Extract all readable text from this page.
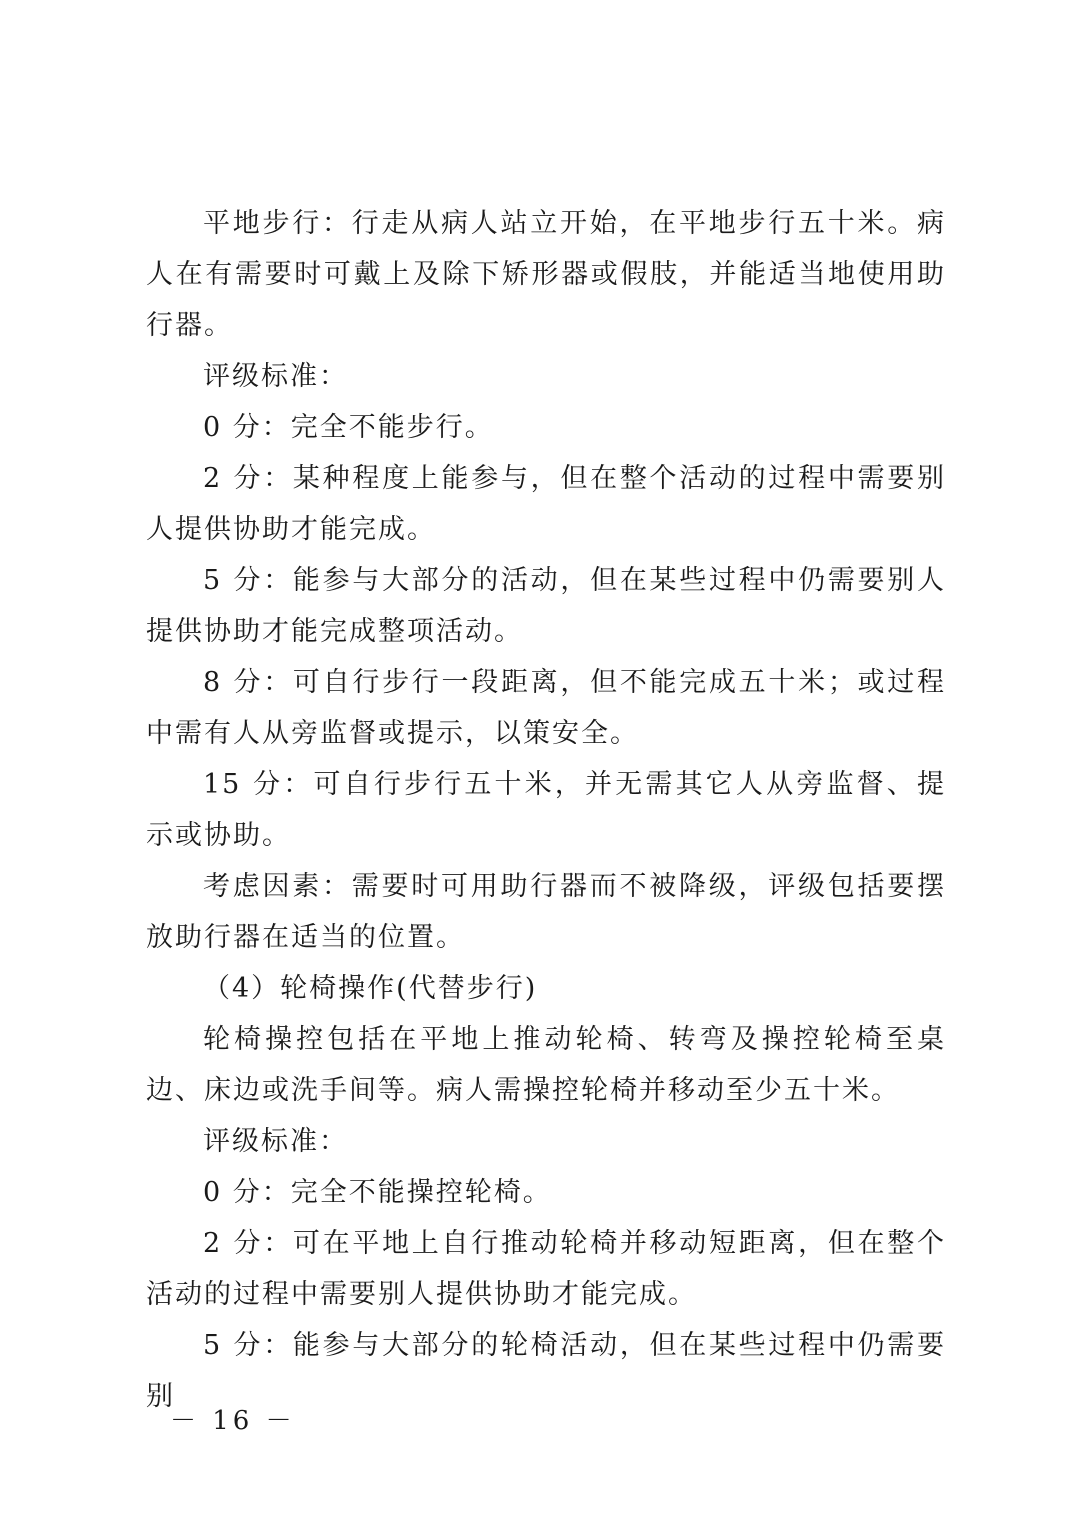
平地步行：行走从病人站立开始，在平地步行五十米。病人在有需要时可戴上及除下矫形器或假肢，并能适当地使用助行器。

评级标准：

0 分：完全不能步行。

2 分：某种程度上能参与，但在整个活动的过程中需要别人提供协助才能完成。

5 分：能参与大部分的活动，但在某些过程中仍需要别人提供协助才能完成整项活动。

8 分：可自行步行一段距离，但不能完成五十米；或过程中需有人从旁监督或提示，以策安全。

15 分：可自行步行五十米，并无需其它人从旁监督、提示或协助。

考虑因素：需要时可用助行器而不被降级，评级包括要摆放助行器在适当的位置。

（4）轮椅操作(代替步行)

轮椅操控包括在平地上推动轮椅、转弯及操控轮椅至桌边、床边或洗手间等。病人需操控轮椅并移动至少五十米。

评级标准：

0 分：完全不能操控轮椅。

2 分：可在平地上自行推动轮椅并移动短距离，但在整个活动的过程中需要别人提供协助才能完成。

5 分：能参与大部分的轮椅活动，但在某些过程中仍需要别

－ 16 －
